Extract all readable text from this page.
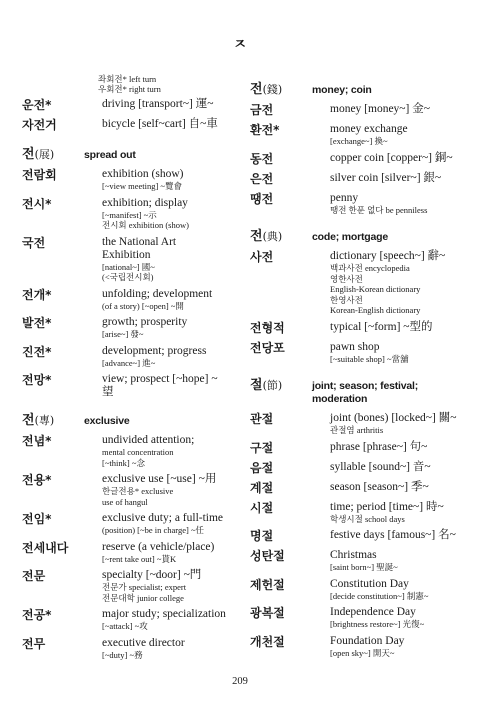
ㅈ
좌회전* left turn
우회전* right turn
운전*	driving [transport~] 運~
자전거	bicycle [self~cart] 自~車
전(展)	spread out
전람회	exhibition (show)
[~view meeting] ~覽會
전시*	exhibition; display
[~manifest] ~示
전시회 exhibition (show)
국전	the National Art Exhibition
[national~] 國~
(<국립전시회)
전개*	unfolding; development
(of a story) [~open] ~開
발전*	growth; prosperity
[arise~] 發~
진전*	development; progress
[advance~] 進~
전망*	view; prospect [~hope] ~望
전(專)	exclusive
전념*	undivided attention;
mental concentration
[~think] ~念
전용*	exclusive use [~use] ~用
한글전용* exclusive
use of hangul
전임*	exclusive duty; a full-time
(position) [~be in charge] ~任
전세내다	reserve (a vehicle/place)
[~rent take out] ~貰K
전문	specialty [~door] ~門
전문가 specialist; expert
전문대학 junior college
전공*	major study; specialization
[~attack] ~攻
전무	executive director
[~duty] ~務
전(錢)	money; coin
금전	money [money~] 金~
환전*	money exchange
[exchange~] 換~
동전	copper coin [copper~] 銅~
은전	silver coin [silver~] 銀~
땡전	penny
땡전 한푼 없다 be penniless
전(典)	code; mortgage
사전	dictionary [speech~] 辭~
백과사전 encyclopedia
영한사전
English-Korean dictionary
한영사전
Korean-English dictionary
전형적	typical [~form] ~型的
전당포	pawn shop
[~suitable shop] ~當舖
절(節)	joint; season; festival; moderation
관절	joint (bones) [locked~] 關~
관절염 arthritis
구절	phrase [phrase~] 句~
음절	syllable [sound~] 音~
계절	season [season~] 季~
시절	time; period [time~] 時~
학생시절 school days
명절	festive days [famous~] 名~
성탄절	Christmas
[saint born~] 聖誕~
제헌절	Constitution Day
[decide constitution~] 制憲~
광복절	Independence Day
[brightness restore~] 光復~
개천절	Foundation Day
[open sky~] 開天~
209
